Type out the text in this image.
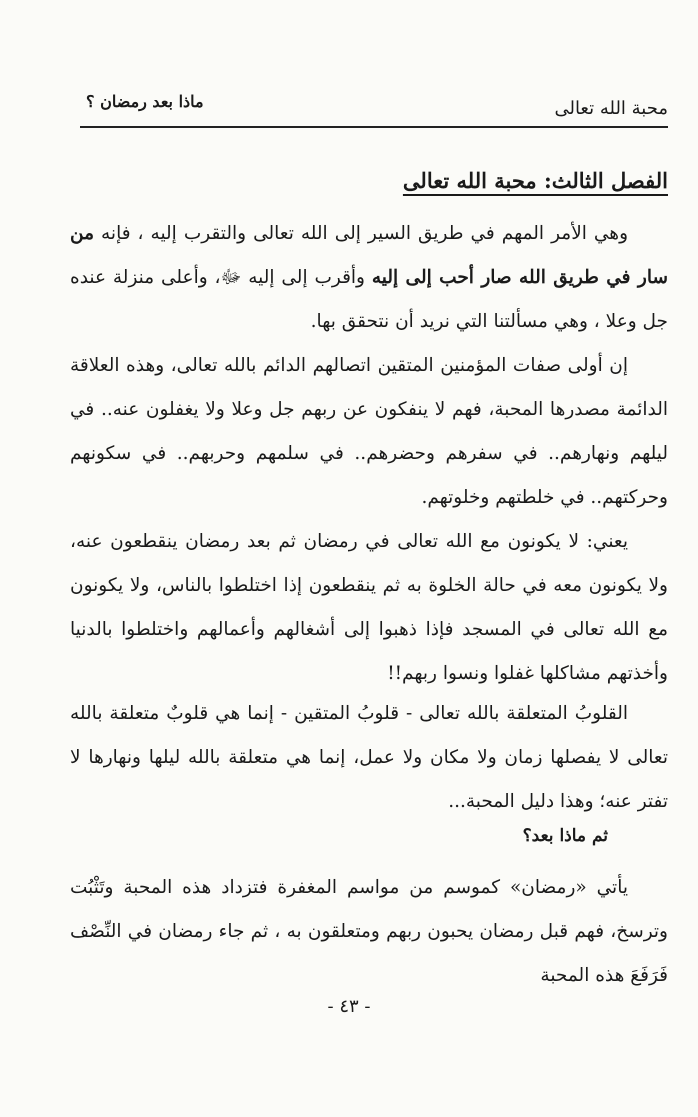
محبة الله تعالى
ماذا بعد رمضان ؟
الفصل الثالث: محبة الله تعالى
وهي الأمر المهم في طريق السير إلى الله تعالى والتقرب إليه ، فإنه من سار في طريق الله صار أحب إلى إليه وأقرب إلى إليه ﷻ، وأعلى منزلة عنده جل وعلا ، وهي مسألتنا التي نريد أن نتحقق بها.
إن أولى صفات المؤمنين المتقين اتصالهم الدائم بالله تعالى، وهذه العلاقة الدائمة مصدرها المحبة، فهم لا ينفكون عن ربهم جل وعلا ولا يغفلون عنه.. في ليلهم ونهارهم.. في سفرهم وحضرهم.. في سلمهم وحربهم.. في سكونهم وحركتهم.. في خلطتهم وخلوتهم.
يعني: لا يكونون مع الله تعالى في رمضان ثم بعد رمضان ينقطعون عنه، ولا يكونون معه في حالة الخلوة به ثم ينقطعون إذا اختلطوا بالناس، ولا يكونون مع الله تعالى في المسجد فإذا ذهبوا إلى أشغالهم وأعمالهم واختلطوا بالدنيا وأخذتهم مشاكلها غفلوا ونسوا ربهم!!
القلوبُ المتعلقة بالله تعالى - قلوبُ المتقين - إنما هي قلوبٌ متعلقة بالله تعالى لا يفصلها زمان ولا مكان ولا عمل، إنما هي متعلقة بالله ليلها ونهارها لا تفتر عنه؛ وهذا دليل المحبة...
ثم ماذا بعد؟
يأتي «رمضان» كموسم من مواسم المغفرة فتزداد هذه المحبة وتَثْبُت وترسخ، فهم قبل رمضان يحبون ربهم ومتعلقون به ، ثم جاء رمضان في النِّصْف فَرَفَعَ هذه المحبة
- ٤٣ -
